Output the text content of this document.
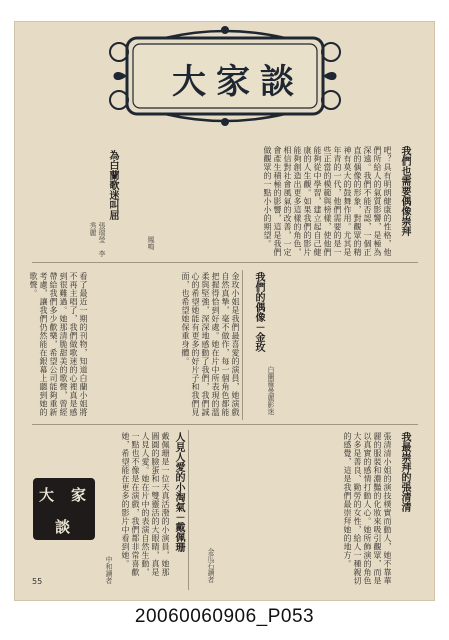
大家談
我們也需要偶像崇拜
吧？具有明朗健康的性格，他們所給人的氣質影響，是極為深遠。我們不能否認，一個正直的偶像的形象，對觀眾的精神有莫大的鼓舞作用。尤其是年青的一代，他們需要的是一些正當的模範與榜樣，使他們能夠從中學習，建立起自己健康的人生觀。如果我們的影片能夠創造出更多這樣的角色，相信對社會風氣的改善，一定會產生積極的影響，這是我們做觀眾的一點小小的期望。
鳳鳴
為白蘭歌迷叫屈
我們的偶像－金玫
金玫小姐是我們最喜愛的演員，她演戲自然真摯，毫不做作，每一個角色都能把握得恰到好處。她在片中所表現的溫柔與堅強，深深地感動了我們，我們誠心的希望她能有更多的好片子和我們見面，也希望她保重身體。
白蘭羅曼麗影迷
看了最近一期的刊物，知道白蘭小姐將不再主唱了，我們做歌迷的心裡真是感到很難過。她那清脆甜美的歌聲，曾經帶給我們多少歡樂，希望公司能夠重新考慮，讓我們仍然能在銀幕上聽到她的歌聲。
張瑞瑩　李秀麗
我最崇拜的張清清
張清清小姐的演技樸實而動人，她不靠華麗的服裝和濃豔的化妝來吸引觀眾，而是以真實的感情打動人心。她所飾演的角色大多是善良、勤勞的女性，給人一種親切的感覺，這是我們最崇拜她的地方。
金瓜石讀者
人見人愛的小淘氣－戴佩珊
戴佩珊是一位天真活潑的小演員，她那圓圓的臉蛋和一雙靈活的大眼睛，真是人見人愛。她在片中的表演自然生動，一點也不像是在演戲，我們都非常喜歡她，希望能在更多的影片中看到她。
中和讀者
大 家
談
55
20060060906_P053
